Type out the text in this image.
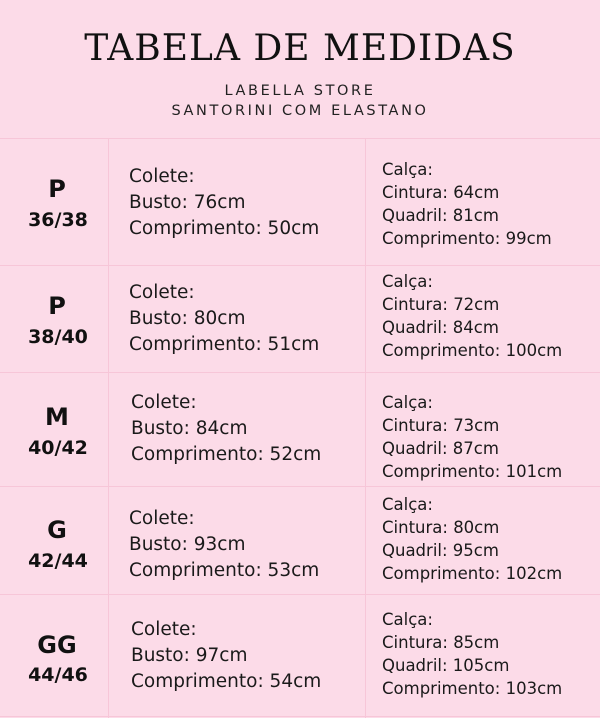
TABELA DE MEDIDAS
LABELLA STORE
SANTORINI COM ELASTANO
P
36/38
Colete:
Busto: 76cm
Comprimento: 50cm
Calça:
Cintura: 64cm
Quadril: 81cm
Comprimento: 99cm
P
38/40
Colete:
Busto: 80cm
Comprimento: 51cm
Calça:
Cintura: 72cm
Quadril: 84cm
Comprimento: 100cm
M
40/42
Colete:
Busto: 84cm
Comprimento: 52cm
Calça:
Cintura: 73cm
Quadril: 87cm
Comprimento: 101cm
G
42/44
Colete:
Busto: 93cm
Comprimento: 53cm
Calça:
Cintura: 80cm
Quadril: 95cm
Comprimento: 102cm
GG
44/46
Colete:
Busto: 97cm
Comprimento: 54cm
Calça:
Cintura: 85cm
Quadril: 105cm
Comprimento: 103cm
